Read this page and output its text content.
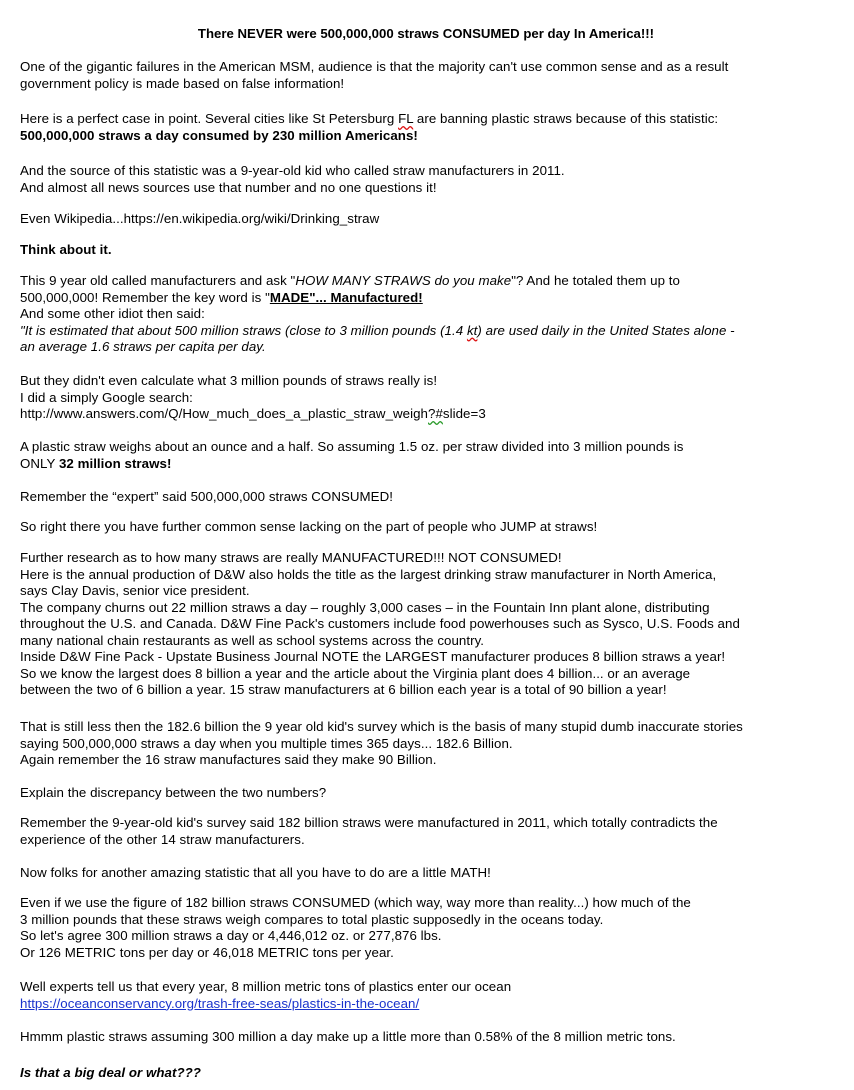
There NEVER were 500,000,000 straws CONSUMED per day In America!!!
One of the gigantic failures in the American MSM, audience is that the majority can't use common sense and as a result
government policy is made based on false information!
Here is a perfect case in point. Several cities like St Petersburg FL are banning plastic straws because of this statistic:
500,000,000 straws a day consumed by 230 million Americans!
And the source of this statistic was a 9-year-old kid who called straw manufacturers in 2011.
And almost all news sources use that number and no one questions it!
Even Wikipedia...https://en.wikipedia.org/wiki/Drinking_straw
Think about it.
This 9 year old called manufacturers and ask "HOW MANY STRAWS do you make"? And he totaled them up to
500,000,000! Remember the key word is "MADE"... Manufactured!
And some other idiot then said:
"It is estimated that about 500 million straws (close to 3 million pounds (1.4 kt) are used daily in the United States alone -
an average 1.6 straws per capita per day.
But they didn't even calculate what 3 million pounds of straws really is!
I did a simply Google search:
http://www.answers.com/Q/How_much_does_a_plastic_straw_weigh?#slide=3
A plastic straw weighs about an ounce and a half. So assuming 1.5 oz. per straw divided into 3 million pounds is
ONLY 32 million straws!
Remember the “expert” said 500,000,000 straws CONSUMED!
So right there you have further common sense lacking on the part of people who JUMP at straws!
Further research as to how many straws are really MANUFACTURED!!! NOT CONSUMED!
Here is the annual production of D&W also holds the title as the largest drinking straw manufacturer in North America,
says Clay Davis, senior vice president.
The company churns out 22 million straws a day – roughly 3,000 cases – in the Fountain Inn plant alone, distributing
throughout the U.S. and Canada. D&W Fine Pack's customers include food powerhouses such as Sysco, U.S. Foods and
many national chain restaurants as well as school systems across the country.
Inside D&W Fine Pack - Upstate Business Journal NOTE the LARGEST manufacturer produces 8 billion straws a year!
So we know the largest does 8 billion a year and the article about the Virginia plant does 4 billion... or an average
between the two of 6 billion a year. 15 straw manufacturers at 6 billion each year is a total of 90 billion a year!
That is still less then the 182.6 billion the 9 year old kid's survey which is the basis of many stupid dumb inaccurate stories
saying 500,000,000 straws a day when you multiple times 365 days... 182.6 Billion.
Again remember the 16 straw manufactures said they make 90 Billion.
Explain the discrepancy between the two numbers?
Remember the 9-year-old kid's survey said 182 billion straws were manufactured in 2011, which totally contradicts the
experience of the other 14 straw manufacturers.
Now folks for another amazing statistic that all you have to do are a little MATH!
Even if we use the figure of 182 billion straws CONSUMED (which way, way more than reality...) how much of the
3 million pounds that these straws weigh compares to total plastic supposedly in the oceans today.
So let's agree 300 million straws a day or 4,446,012 oz. or 277,876 lbs.
Or 126 METRIC tons per day or 46,018 METRIC tons per year.
Well experts tell us that every year, 8 million metric tons of plastics enter our ocean
https://oceanconservancy.org/trash-free-seas/plastics-in-the-ocean/
Hmmm plastic straws assuming 300 million a day make up a little more than 0.58% of the 8 million metric tons.
Is that a big deal or what???
